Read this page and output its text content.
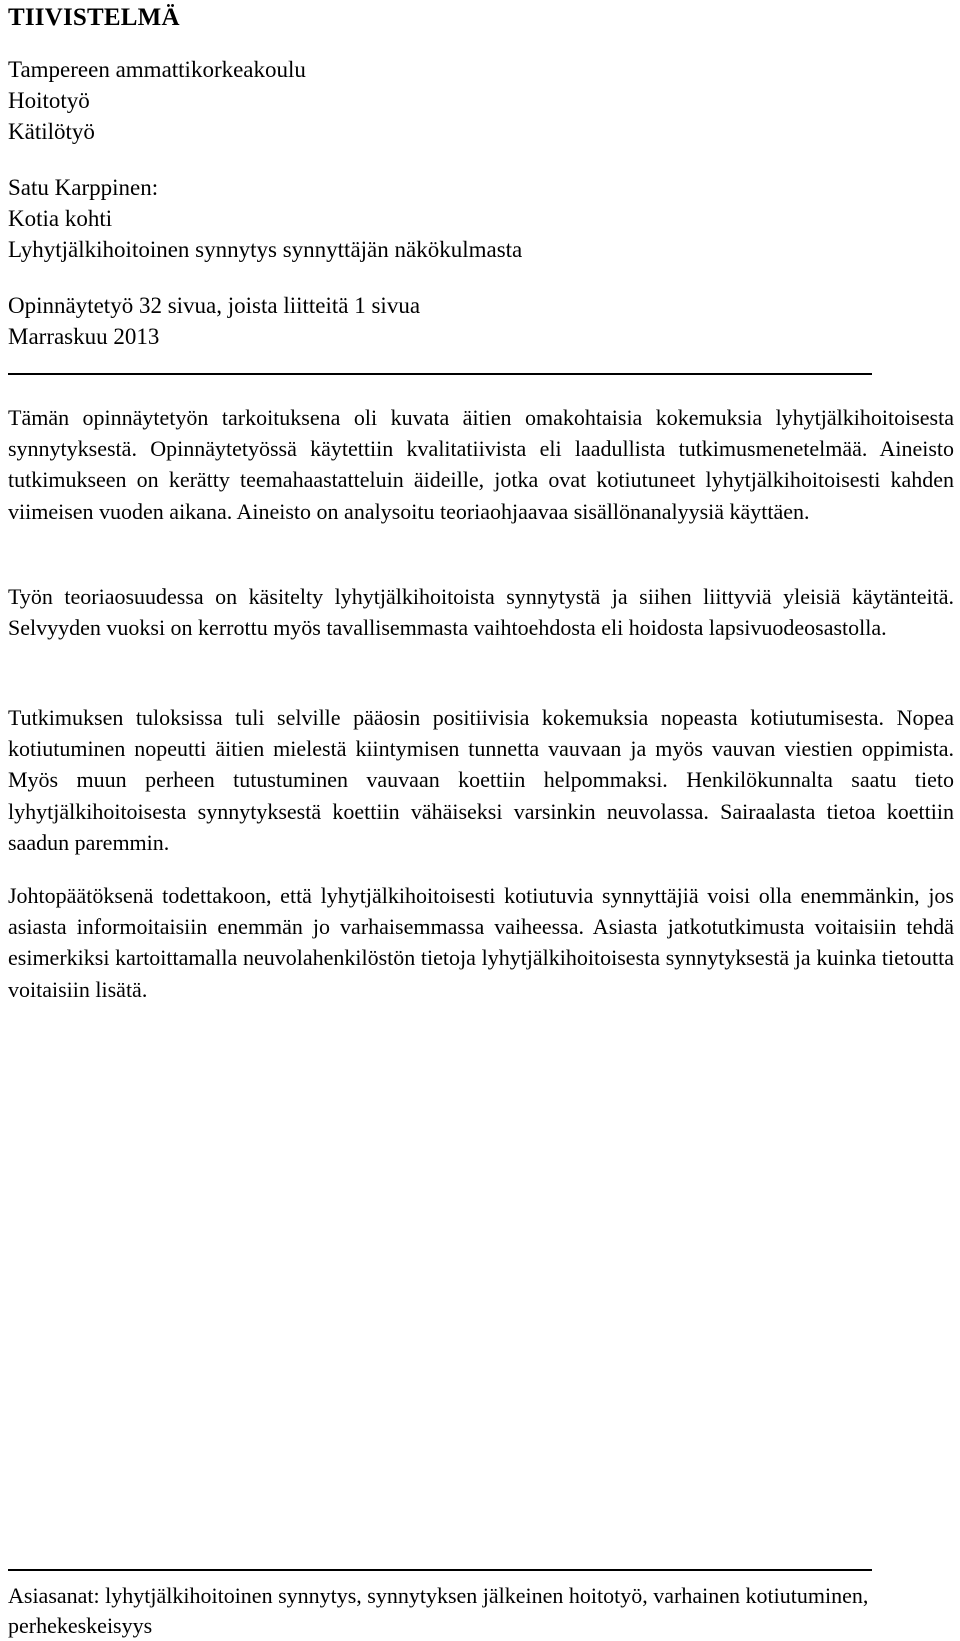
TIIVISTELMÄ
Tampereen ammattikorkeakoulu
Hoitotyö
Kätilötyö
Satu Karppinen:
Kotia kohti
Lyhytjälkihoitoinen synnytys synnyttäjän näkökulmasta
Opinnäytetyö 32 sivua, joista liitteitä 1 sivua
Marraskuu 2013

Tämän opinnäytetyön tarkoituksena oli kuvata äitien omakohtaisia kokemuksia lyhytjälkihoitoisesta synnytyksestä. Opinnäytetyössä käytettiin kvalitatiivista eli laadullista tutkimusmenetelmää. Aineisto tutkimukseen on kerätty teemahaastatteluin äideille, jotka ovat kotiutuneet lyhytjälkihoitoisesti kahden viimeisen vuoden aikana. Aineisto on analysoitu teoriaohjaavaa sisällönanalyysiä käyttäen.

Työn teoriaosuudessa on käsitelty lyhytjälkihoitoista synnytystä ja siihen liittyviä yleisiä käytänteitä. Selvyyden vuoksi on kerrottu myös tavallisemmasta vaihtoehdosta eli hoidosta lapsivuodeosastolla.

Tutkimuksen tuloksissa tuli selville pääosin positiivisia kokemuksia nopeasta kotiutumisesta. Nopea kotiutuminen nopeutti äitien mielestä kiintymisen tunnetta vauvaan ja myös vauvan viestien oppimista. Myös muun perheen tutustuminen vauvaan koettiin helpommaksi. Henkilökunnalta saatu tieto lyhytjälkihoitoisesta synnytyksestä koettiin vähäiseksi varsinkin neuvolassa. Sairaalasta tietoa koettiin saadun paremmin.

Johtopäätöksenä todettakoon, että lyhytjälkihoitoisesti kotiutuvia synnyttäjiä voisi olla enemmänkin, jos asiasta informoitaisiin enemmän jo varhaisemmassa vaiheessa. Asiasta jatkotutkimusta voitaisiin tehdä esimerkiksi kartoittamalla neuvolahenkilöstön tietoja lyhytjälkihoitoisesta synnytyksestä ja kuinka tietoutta voitaisiin lisätä.

Asiasanat: lyhytjälkihoitoinen synnytys, synnytyksen jälkeinen hoitotyö, varhainen kotiutuminen, perhekeskeisyys
